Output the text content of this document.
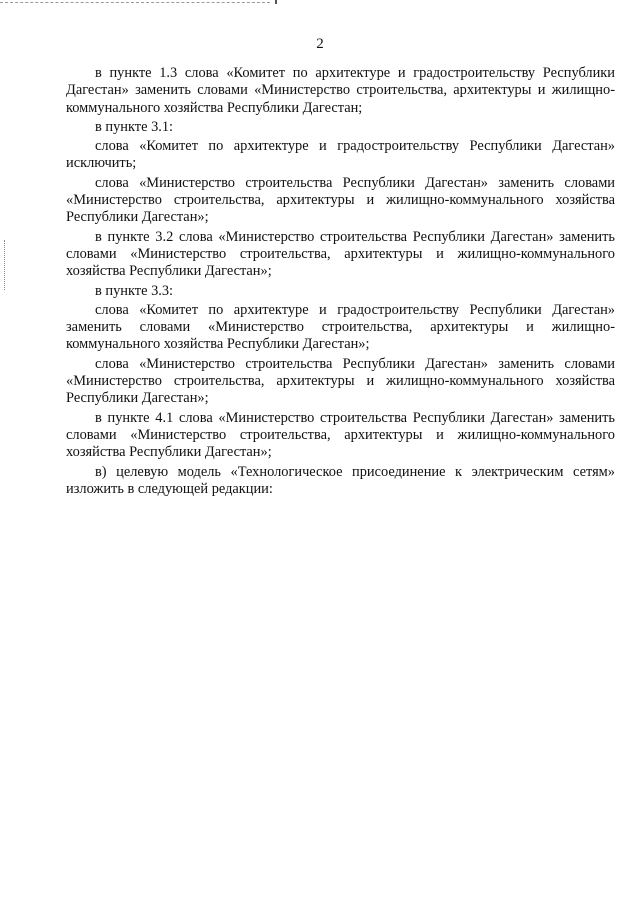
2

в пункте 1.3 слова «Комитет по архитектуре и градостроительству Республики Дагестан» заменить словами «Министерство строительства, архитектуры и жилищно-коммунального хозяйства Республики Дагестан;

в пункте 3.1:

слова «Комитет по архитектуре и градостроительству Республики Дагестан» исключить;

слова «Министерство строительства Республики Дагестан» заменить словами «Министерство строительства, архитектуры и жилищно-коммунального хозяйства Республики Дагестан»;

в пункте 3.2 слова «Министерство строительства Республики Дагестан» заменить словами «Министерство строительства, архитектуры и жилищно-коммунального хозяйства Республики Дагестан»;

в пункте 3.3:

слова «Комитет по архитектуре и градостроительству Республики Дагестан» заменить словами «Министерство строительства, архитектуры и жилищно-коммунального хозяйства Республики Дагестан»;

слова «Министерство строительства Республики Дагестан» заменить словами «Министерство строительства, архитектуры и жилищно-коммунального хозяйства Республики Дагестан»;

в пункте 4.1 слова «Министерство строительства Республики Дагестан» заменить словами «Министерство строительства, архитектуры и жилищно-коммунального хозяйства Республики Дагестан»;

в) целевую модель «Технологическое присоединение к электрическим сетям» изложить в следующей редакции:
